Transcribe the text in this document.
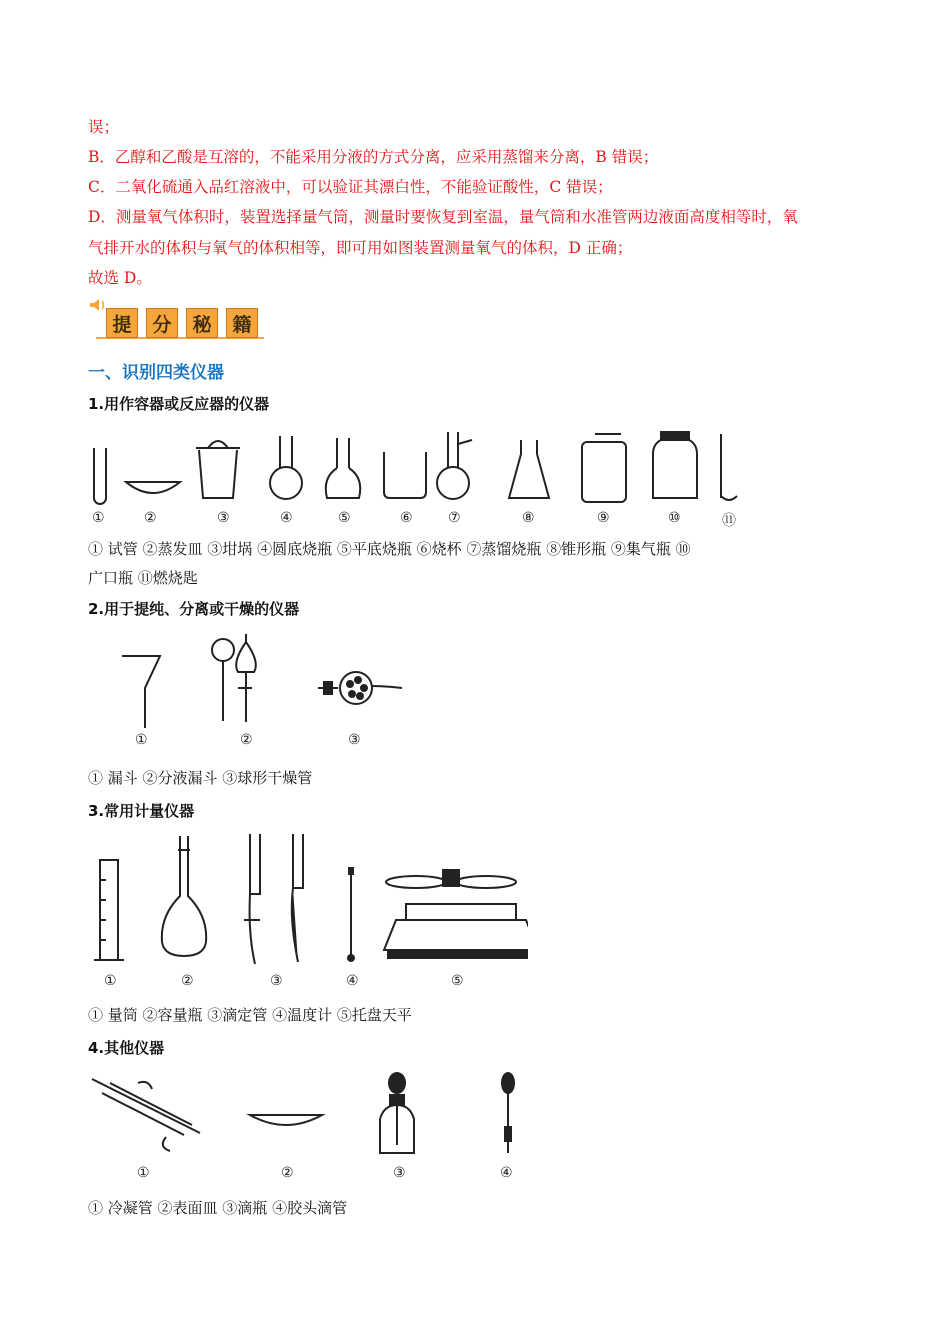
误；
B．乙醇和乙酸是互溶的，不能采用分液的方式分离，应采用蒸馏来分离，B 错误；
C．二氧化硫通入品红溶液中，可以验证其漂白性，不能验证酸性，C 错误；
D．测量氧气体积时，装置选择量气筒，测量时要恢复到室温，量气筒和水准管两边液面高度相等时，氧
气排开水的体积与氧气的体积相等，即可用如图装置测量氧气的体积，D 正确；
故选 D。
提	分	秘	籍
一、识别四类仪器
1.用作容器或反应器的仪器
①	②	③	④	⑤	⑥	⑦	⑧	⑨	⑩	⑪
① 试管 ②蒸发皿 ③坩埚 ④圆底烧瓶 ⑤平底烧瓶 ⑥烧杯 ⑦蒸馏烧瓶 ⑧锥形瓶 ⑨集气瓶 ⑩
广口瓶 ⑪燃烧匙
2.用于提纯、分离或干燥的仪器
①	②	③
① 漏斗 ②分液漏斗 ③球形干燥管
3.常用计量仪器
①	②	③	④	⑤
① 量筒 ②容量瓶 ③滴定管 ④温度计 ⑤托盘天平
4.其他仪器
①	②	③	④
① 冷凝管 ②表面皿 ③滴瓶 ④胶头滴管
